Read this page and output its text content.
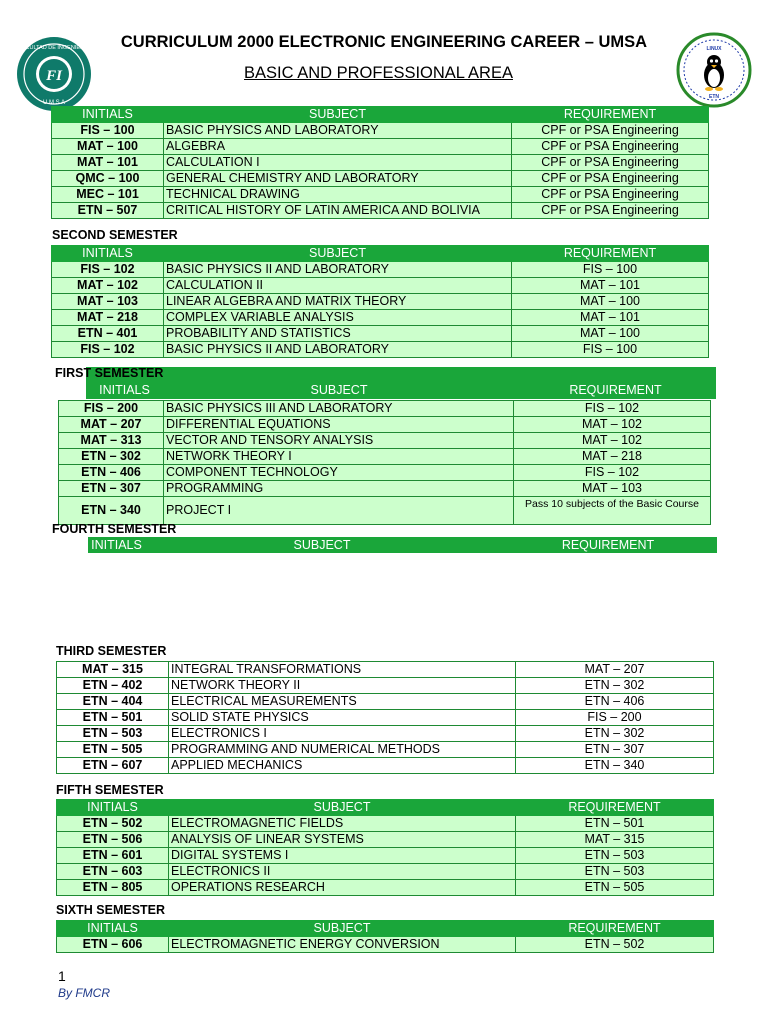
FI
FACULTAD DE INGENIERIA
U M S A
LINUX
ETN
CURRICULUM 2000 ELECTRONIC ENGINEERING CAREER – UMSA
BASIC AND PROFESSIONAL AREA
INITIALS	SUBJECT	REQUIREMENT
FIS – 100	BASIC PHYSICS AND LABORATORY	CPF or PSA Engineering
MAT – 100	ALGEBRA	CPF or PSA Engineering
MAT – 101	CALCULATION I	CPF or PSA Engineering
QMC – 100	GENERAL CHEMISTRY AND LABORATORY	CPF or PSA Engineering
MEC – 101	TECHNICAL DRAWING	CPF or PSA Engineering
ETN – 507	CRITICAL HISTORY OF LATIN AMERICA AND BOLIVIA	CPF or PSA Engineering
SECOND SEMESTER
INITIALS	SUBJECT	REQUIREMENT
FIS – 102	BASIC PHYSICS II AND LABORATORY	FIS – 100
MAT – 102	CALCULATION II	MAT – 101
MAT – 103	LINEAR ALGEBRA AND MATRIX THEORY	MAT – 100
MAT – 218	COMPLEX VARIABLE ANALYSIS	MAT – 101
ETN – 401	PROBABILITY AND STATISTICS	MAT – 100
FIS – 102	BASIC PHYSICS II AND LABORATORY	FIS – 100
INITIALS	SUBJECT	REQUIREMENT
FIRST SEMESTER
FIS – 200	BASIC PHYSICS III AND LABORATORY	FIS – 102
MAT – 207	DIFFERENTIAL EQUATIONS	MAT – 102
MAT – 313	VECTOR AND TENSORY ANALYSIS	MAT – 102
ETN – 302	NETWORK THEORY I	MAT – 218
ETN – 406	COMPONENT TECHNOLOGY	FIS – 102
ETN – 307	PROGRAMMING	MAT – 103
ETN – 340	PROJECT I	Pass 10 subjects of the Basic Course
FOURTH SEMESTER
INITIALS	SUBJECT	REQUIREMENT
THIRD SEMESTER
MAT – 315	INTEGRAL TRANSFORMATIONS	MAT – 207
ETN – 402	NETWORK THEORY II	ETN – 302
ETN – 404	ELECTRICAL MEASUREMENTS	ETN – 406
ETN – 501	SOLID STATE PHYSICS	FIS – 200
ETN – 503	ELECTRONICS I	ETN – 302
ETN – 505	PROGRAMMING AND NUMERICAL METHODS	ETN – 307
ETN – 607	APPLIED MECHANICS	ETN – 340
FIFTH SEMESTER
INITIALS	SUBJECT	REQUIREMENT
ETN – 502	ELECTROMAGNETIC FIELDS	ETN – 501
ETN – 506	ANALYSIS OF LINEAR SYSTEMS	MAT – 315
ETN – 601	DIGITAL SYSTEMS I	ETN – 503
ETN – 603	ELECTRONICS II	ETN – 503
ETN – 805	OPERATIONS RESEARCH	ETN – 505
SIXTH SEMESTER
INITIALS	SUBJECT	REQUIREMENT
ETN – 606	ELECTROMAGNETIC ENERGY CONVERSION	ETN – 502
1
By FMCR
